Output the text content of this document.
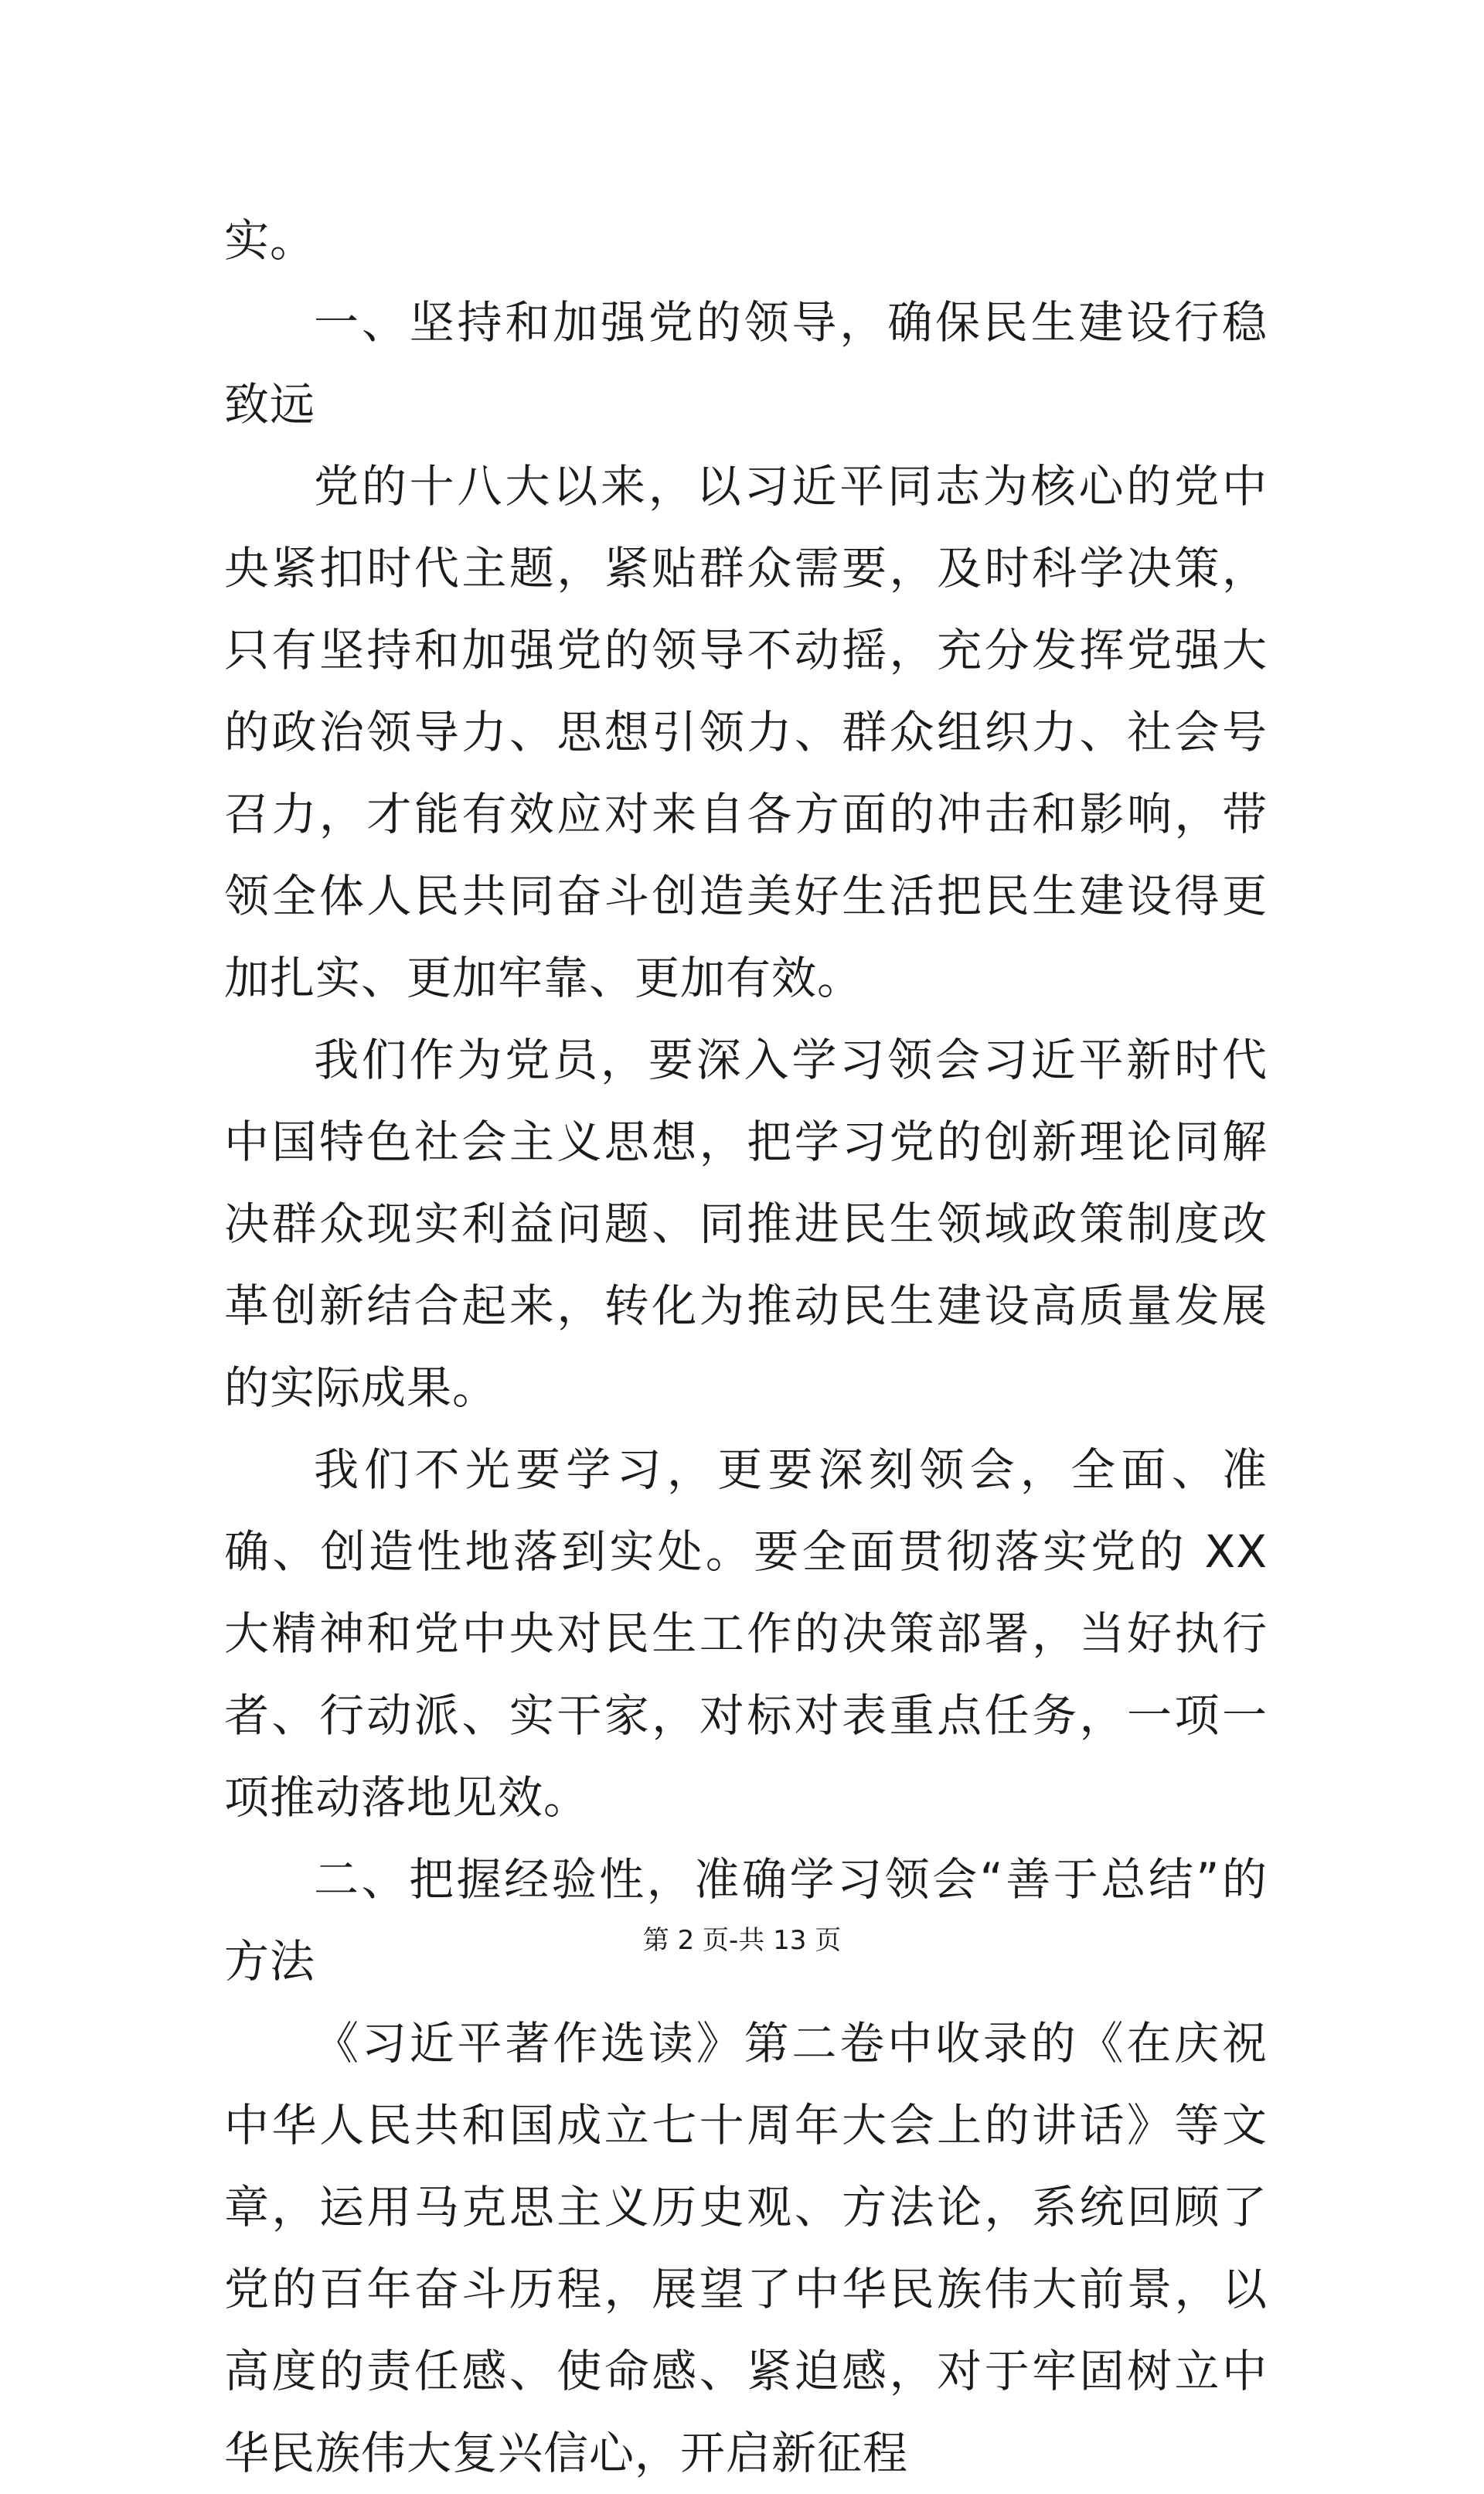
实。

一、坚持和加强党的领导，确保民生建设行稳致远

党的十八大以来，以习近平同志为核心的党中央紧扣时代主题，紧贴群众需要，及时科学决策，只有坚持和加强党的领导不动摇，充分发挥党强大的政治领导力、思想引领力、群众组织力、社会号召力，才能有效应对来自各方面的冲击和影响，带领全体人民共同奋斗创造美好生活把民生建设得更加扎实、更加牢靠、更加有效。

我们作为党员，要深入学习领会习近平新时代中国特色社会主义思想，把学习党的创新理论同解决群众现实利益问题、同推进民生领域政策制度改革创新结合起来，转化为推动民生建设高质量发展的实际成果。

我们不光要学习，更要深刻领会，全面、准确、创造性地落到实处。要全面贯彻落实党的 XX 大精神和党中央对民生工作的决策部署，当好执行者、行动派、实干家，对标对表重点任务，一项一项推动落地见效。

二、把握经验性，准确学习领会“善于总结”的方法

《习近平著作选读》第二卷中收录的《在庆祝中华人民共和国成立七十周年大会上的讲话》等文章，运用马克思主义历史观、方法论，系统回顾了党的百年奋斗历程，展望了中华民族伟大前景，以高度的责任感、使命感、紧迫感，对于牢固树立中华民族伟大复兴信心，开启新征程

第 2 页-共 13 页
